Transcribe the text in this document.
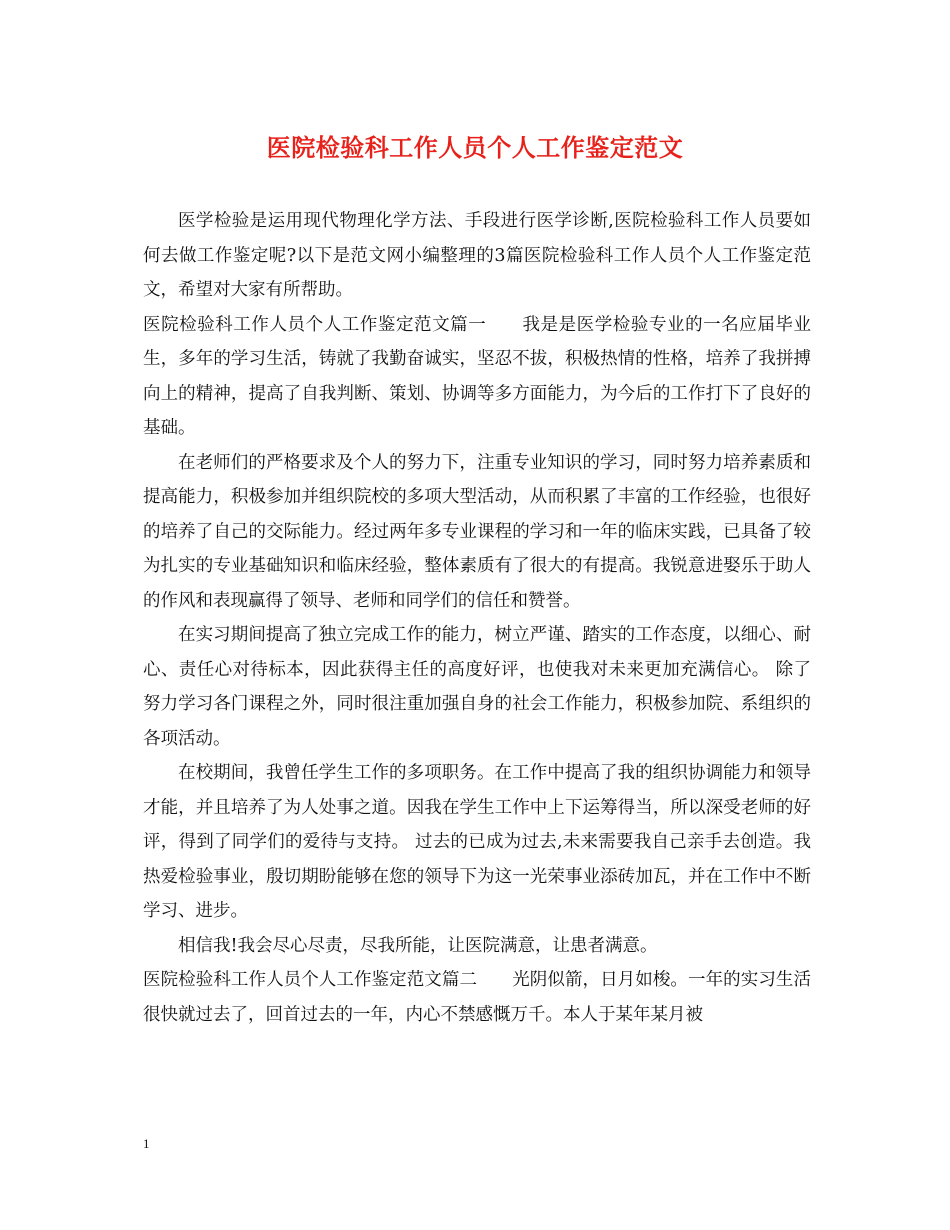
医院检验科工作人员个人工作鉴定范文

医学检验是运用现代物理化学方法、手段进行医学诊断,医院检验科工作人员要如何去做工作鉴定呢?以下是范文网小编整理的3篇医院检验科工作人员个人工作鉴定范文，希望对大家有所帮助。

医院检验科工作人员个人工作鉴定范文篇一　　我是是医学检验专业的一名应届毕业生，多年的学习生活，铸就了我勤奋诚实，坚忍不拔，积极热情的性格，培养了我拼搏向上的精神，提高了自我判断、策划、协调等多方面能力，为今后的工作打下了良好的基础。

在老师们的严格要求及个人的努力下，注重专业知识的学习，同时努力培养素质和提高能力，积极参加并组织院校的多项大型活动，从而积累了丰富的工作经验，也很好的培养了自己的交际能力。经过两年多专业课程的学习和一年的临床实践，已具备了较为扎实的专业基础知识和临床经验，整体素质有了很大的有提高。我锐意进娶乐于助人的作风和表现赢得了领导、老师和同学们的信任和赞誉。

在实习期间提高了独立完成工作的能力，树立严谨、踏实的工作态度，以细心、耐心、责任心对待标本，因此获得主任的高度好评，也使我对未来更加充满信心。 除了努力学习各门课程之外，同时很注重加强自身的社会工作能力，积极参加院、系组织的各项活动。

在校期间，我曾任学生工作的多项职务。在工作中提高了我的组织协调能力和领导才能，并且培养了为人处事之道。因我在学生工作中上下运筹得当，所以深受老师的好评，得到了同学们的爱待与支持。 过去的已成为过去,未来需要我自己亲手去创造。我热爱检验事业，殷切期盼能够在您的领导下为这一光荣事业添砖加瓦，并在工作中不断学习、进步。

相信我!我会尽心尽责，尽我所能，让医院满意，让患者满意。

医院检验科工作人员个人工作鉴定范文篇二　　光阴似箭，日月如梭。一年的实习生活很快就过去了，回首过去的一年，内心不禁感慨万千。本人于某年某月被

1
